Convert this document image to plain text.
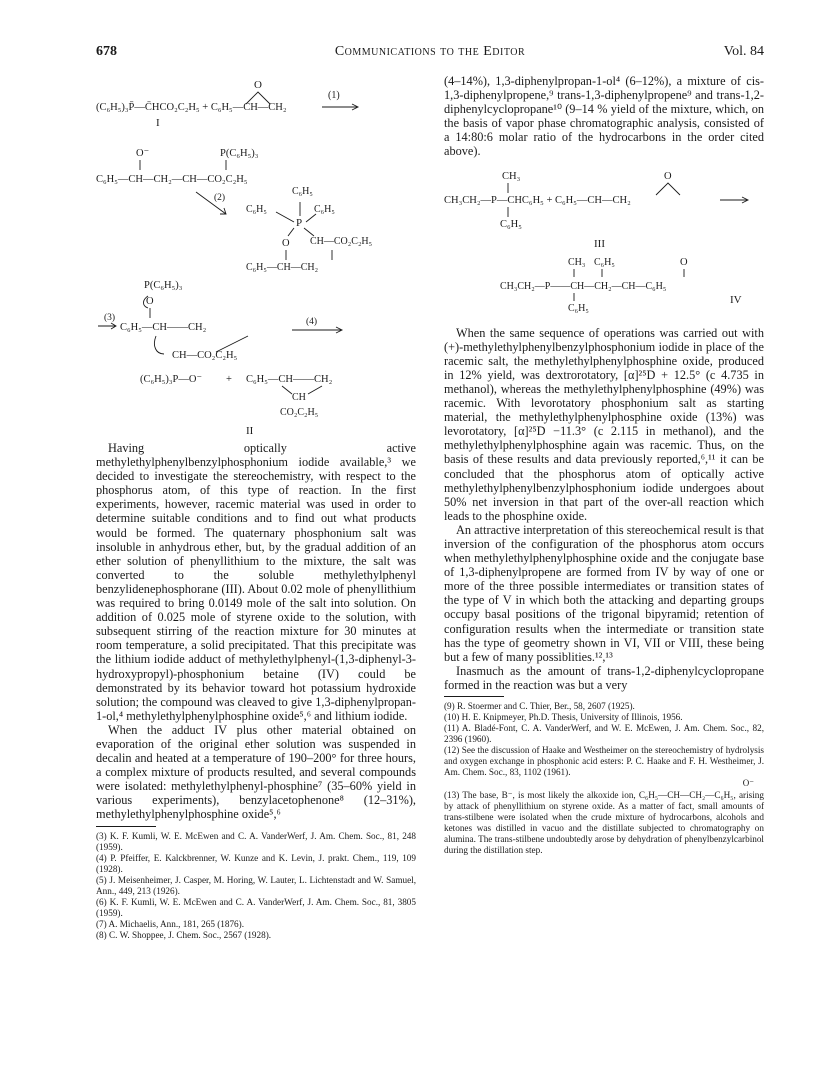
678	Communications to the Editor	Vol. 84
O
(C₆H₅)₃P̄—C̄HCO₂C₂H₅ + C₆H₅—CH—CH₂
(1)
I
O⁻	P(C₆H₅)₃
C₆H₅—CH—CH₂—CH—CO₂C₂H₅
(2)
C₆H₅
C₆H₅	C₆H₅
P
O CH—CO₂C₂H₅
C₆H₅—CH—CH₂
P(C₆H₅)₃
O
(3)
C₆H₅—CH——CH₂
CH—CO₂C₂H₅
(4)
(C₆H₅)₃P—O⁻ + C₆H₅—CH——CH₂
CH
CO₂C₂H₅
II

Having optically active methylethylphenylbenzylphosphonium iodide available,³ we decided to investigate the stereochemistry, with respect to the phosphorus atom, of this type of reaction. In the first experiments, however, racemic material was used in order to determine suitable conditions and to find out what products would be formed. The quaternary phosphonium salt was insoluble in anhydrous ether, but, by the gradual addition of an ether solution of phenyllithium to the mixture, the salt was converted to the soluble methylethylphenyl benzylidenephosphorane (III). About 0.02 mole of phenyllithium was required to bring 0.0149 mole of the salt into solution. On addition of 0.025 mole of styrene oxide to the solution, with subsequent stirring of the reaction mixture for 30 minutes at room temperature, a solid precipitated. That this precipitate was the lithium iodide adduct of methylethylphenyl-(1,3-diphenyl-3-hydroxypropyl)-phosphonium betaine (IV) could be demonstrated by its behavior toward hot potassium hydroxide solution; the compound was cleaved to give 1,3-diphenylpropan-1-ol,⁴ methylethylphenylphosphine oxide⁵,⁶ and lithium iodide.

When the adduct IV plus other material obtained on evaporation of the original ether solution was suspended in decalin and heated at a temperature of 190–200° for three hours, a complex mixture of products resulted, and several compounds were isolated: methylethylphenyl-phosphine⁷ (35–60% yield in various experiments), benzylacetophenone⁸ (12–31%), methylethylphenylphosphine oxide⁵,⁶

(3) K. F. Kumli, W. E. McEwen and C. A. VanderWerf, J. Am. Chem. Soc., 81, 248 (1959).

(4) P. Pfeiffer, E. Kalckbrenner, W. Kunze and K. Levin, J. prakt. Chem., 119, 109 (1928).

(5) J. Meisenheimer, J. Casper, M. Horing, W. Lauter, L. Lichtenstadt and W. Samuel, Ann., 449, 213 (1926).

(6) K. F. Kumli, W. E. McEwen and C. A. VanderWerf, J. Am. Chem. Soc., 81, 3805 (1959).

(7) A. Michaelis, Ann., 181, 265 (1876).

(8) C. W. Shoppee, J. Chem. Soc., 2567 (1928).

(4–14%), 1,3-diphenylpropan-1-ol⁴ (6–12%), a mixture of cis-1,3-diphenylpropene,⁹ trans-1,3-diphenylpropene⁹ and trans-1,2-diphenylcyclopropane¹⁰ (9–14 % yield of the mixture, which, on the basis of vapor phase chromatographic analysis, consisted of a 14:80:6 molar ratio of the hydrocarbons in the order cited above).

CH₃	O
CH₃CH₂—P—CHC₆H₅ + C₆H₅—CH—CH₂
C₆H₅
III
CH₃ C₆H₅	O
CH₃CH₂—P——CH—CH₂—CH—C₆H₅
C₆H₅
IV

When the same sequence of operations was carried out with (+)-methylethylphenylbenzylphosphonium iodide in place of the racemic salt, the methylethylphenylphosphine oxide, produced in 12% yield, was dextrorotatory, [α]²⁵D + 12.5° (c 4.735 in methanol), whereas the methylethylphenylphosphine (49%) was racemic. With levorotatory phosphonium salt as starting material, the methylethylphenylphosphine oxide (13%) was levorotatory, [α]²⁵D −11.3° (c 2.115 in methanol), and the methylethylphenylphosphine again was racemic. Thus, on the basis of these results and data previously reported,⁶,¹¹ it can be concluded that the phosphorus atom of optically active methylethylphenylbenzylphosphonium iodide undergoes about 50% net inversion in that part of the over-all reaction which leads to the phosphine oxide.

An attractive interpretation of this stereochemical result is that inversion of the configuration of the phosphorus atom occurs when methylethylphenylphosphine oxide and the conjugate base of 1,3-diphenylpropene are formed from IV by way of one or more of the three possible intermediates or transition states of the type of V in which both the attacking and departing groups occupy basal positions of the trigonal bipyramid; retention of configuration results when the intermediate or transition state has the type of geometry shown in VI, VII or VIII, these being but a few of many possiblities.¹²,¹³

Inasmuch as the amount of trans-1,2-diphenylcyclopropane formed in the reaction was but a very

(9) R. Stoermer and C. Thier, Ber., 58, 2607 (1925).

(10) H. E. Knipmeyer, Ph.D. Thesis, University of Illinois, 1956.

(11) A. Bladé-Font, C. A. VanderWerf, and W. E. McEwen, J. Am. Chem. Soc., 82, 2396 (1960).

(12) See the discussion of Haake and Westheimer on the stereochemistry of hydrolysis and oxygen exchange in phosphonic acid esters: P. C. Haake and F. H. Westheimer, J. Am. Chem. Soc., 83, 1102 (1961).

O⁻

(13) The base, B⁻, is most likely the alkoxide ion, C₆H₅—CH—CH₂—C₆H₅, arising by attack of phenyllithium on styrene oxide. As a matter of fact, small amounts of trans-stilbene were isolated when the crude mixture of hydrocarbons, alcohols and ketones was distilled in vacuo and the distillate subjected to chromatography on alumina. The trans-stilbene undoubtedly arose by dehydration of phenylbenzylcarbinol during the distillation step.
